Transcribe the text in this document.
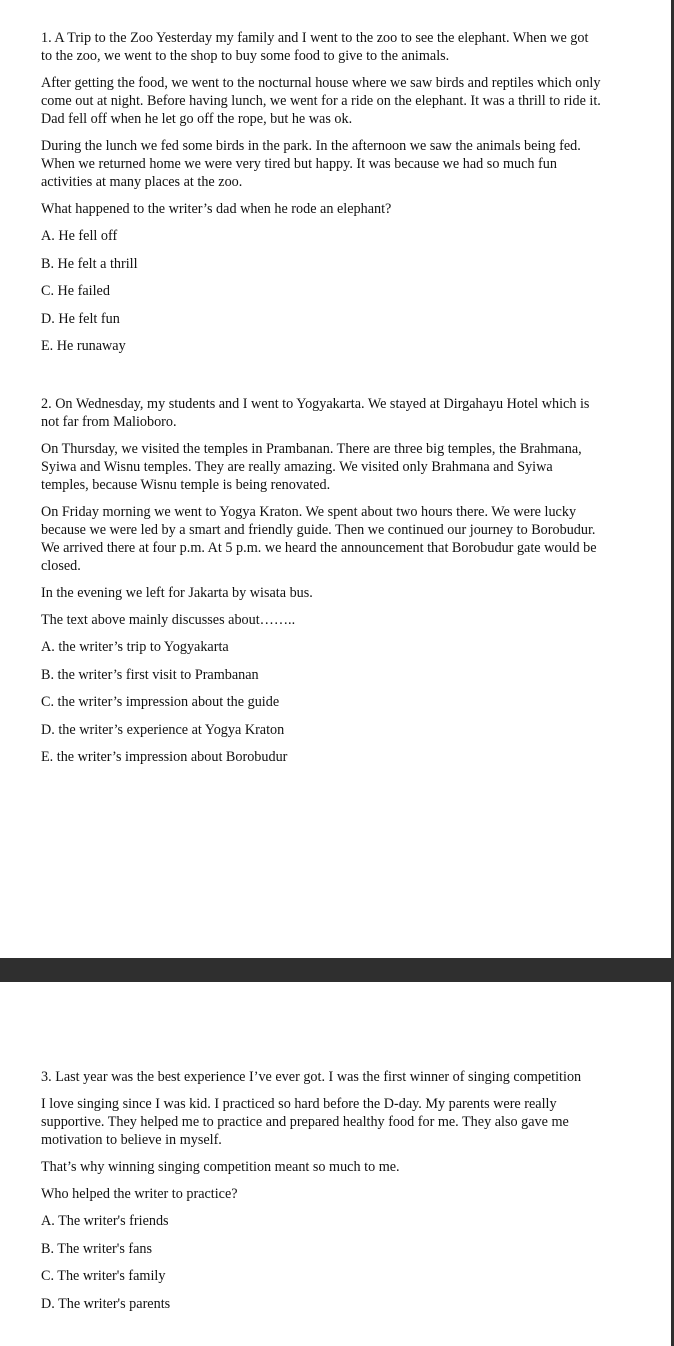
1. A Trip to the Zoo Yesterday my family and I went to the zoo to see the elephant. When we got to the zoo, we went to the shop to buy some food to give to the animals.

After getting the food, we went to the nocturnal house where we saw birds and reptiles which only come out at night. Before having lunch, we went for a ride on the elephant. It was a thrill to ride it. Dad fell off when he let go off the rope, but he was ok.

During the lunch we fed some birds in the park. In the afternoon we saw the animals being fed. When we returned home we were very tired but happy. It was because we had so much fun activities at many places at the zoo.

What happened to the writer’s dad when he rode an elephant?

A. He fell off

B. He felt a thrill

C. He failed

D. He felt fun

E. He runaway

2. On Wednesday, my students and I went to Yogyakarta. We stayed at Dirgahayu Hotel which is not far from Malioboro.

On Thursday, we visited the temples in Prambanan. There are three big temples, the Brahmana, Syiwa and Wisnu temples. They are really amazing. We visited only Brahmana and Syiwa temples, because Wisnu temple is being renovated.

On Friday morning we went to Yogya Kraton. We spent about two hours there. We were lucky because we were led by a smart and friendly guide. Then we continued our journey to Borobudur. We arrived there at four p.m. At 5 p.m. we heard the announcement that Borobudur gate would be closed.

In the evening we left for Jakarta by wisata bus.

The text above mainly discusses about……..

A. the writer’s trip to Yogyakarta

B. the writer’s first visit to Prambanan

C. the writer’s impression about the guide

D. the writer’s experience at Yogya Kraton

E. the writer’s impression about Borobudur

3. Last year was the best experience I’ve ever got. I was the first winner of singing competition

I love singing since I was kid. I practiced so hard before the D-day. My parents were really supportive. They helped me to practice and prepared healthy food for me. They also gave me motivation to believe in myself.

That’s why winning singing competition meant so much to me.

Who helped the writer to practice?

A. The writer's friends

B. The writer's fans

C. The writer's family

D. The writer's parents
